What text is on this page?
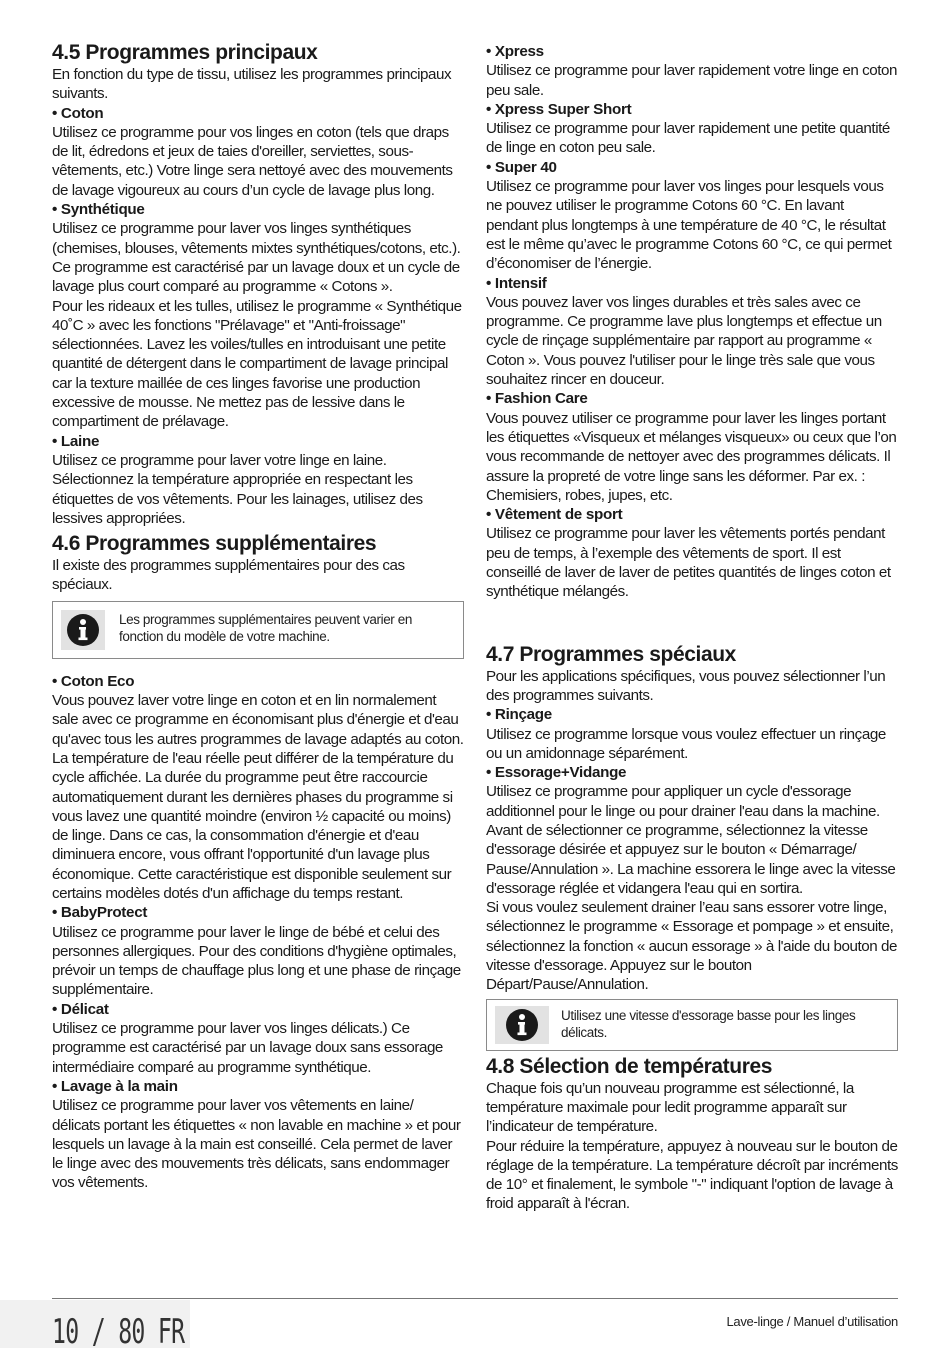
4.5 Programmes principaux

En fonction du type de tissu, utilisez les programmes principaux suivants.

• Coton

Utilisez ce programme pour vos linges en coton (tels que draps de lit, édredons et jeux de taies d'oreiller, serviettes, sous-vêtements, etc.) Votre linge sera nettoyé avec des mouvements de lavage vigoureux au cours d’un cycle de lavage plus long.

• Synthétique

Utilisez ce programme pour laver vos linges synthétiques (chemises, blouses, vêtements mixtes synthétiques/cotons, etc.). Ce programme est caractérisé par un lavage doux et un cycle de lavage plus court comparé au programme « Cotons ».

Pour les rideaux et les tulles, utilisez le programme « Synthétique 40˚C » avec les fonctions "Prélavage" et "Anti-froissage" sélectionnées. Lavez les voiles/tulles en introduisant une petite quantité de détergent dans le compartiment de lavage principal car la texture maillée de ces linges favorise une production excessive de mousse. Ne mettez pas de lessive dans le compartiment de prélavage.

• Laine

Utilisez ce programme pour laver votre linge en laine. Sélectionnez la température appropriée en respectant les étiquettes de vos vêtements. Pour les lainages, utilisez des lessives appropriées.

4.6 Programmes supplémentaires

Il existe des programmes supplémentaires pour des cas spéciaux.

Les programmes supplémentaires peuvent varier en fonction du modèle de votre machine.
• Coton Eco

Vous pouvez laver votre linge en coton et en lin normalement sale avec ce programme en économisant plus d'énergie et d'eau qu'avec tous les autres programmes de lavage adaptés au coton. La température de l'eau réelle peut différer de la température du cycle affichée. La durée du programme peut être raccourcie automatiquement durant les dernières phases du programme si vous lavez une quantité moindre (environ ½ capacité ou moins) de linge. Dans ce cas, la consommation d'énergie et d'eau diminuera encore, vous offrant l'opportunité d'un lavage plus économique. Cette caractéristique est disponible seulement sur certains modèles dotés d'un affichage du temps restant.

• BabyProtect

Utilisez ce programme pour laver le linge de bébé et celui des personnes allergiques. Pour des conditions d'hygiène optimales, prévoir un temps de chauffage plus long et une phase de rinçage supplémentaire.

• Délicat

Utilisez ce programme pour laver vos linges délicats.) Ce programme est caractérisé par un lavage doux sans essorage intermédiaire comparé au programme synthétique.

• Lavage à la main

Utilisez ce programme pour laver vos vêtements en laine/ délicats portant les étiquettes « non lavable en machine » et pour lesquels un lavage à la main est conseillé. Cela permet de laver le linge avec des mouvements très délicats, sans endommager vos vêtements.

• Xpress

Utilisez ce programme pour laver rapidement votre linge en coton peu sale.

• Xpress Super Short

Utilisez ce programme pour laver rapidement une petite quantité de linge en coton peu sale.

• Super 40

Utilisez ce programme pour laver vos linges pour lesquels vous ne pouvez utiliser le programme Cotons 60 °C. En lavant pendant plus longtemps à une température de 40 °C, le résultat est le même qu’avec le programme Cotons 60 °C, ce qui permet d’économiser de l’énergie.

• Intensif

Vous pouvez laver vos linges durables et très sales avec ce programme. Ce programme lave plus longtemps et effectue un cycle de rinçage supplémentaire par rapport au programme « Coton ». Vous pouvez l'utiliser pour le linge très sale que vous souhaitez rincer en douceur.

• Fashion Care

Vous pouvez utiliser ce programme pour laver les linges portant les étiquettes «Visqueux et mélanges visqueux» ou ceux que l’on vous recommande de nettoyer avec des programmes délicats. Il assure la propreté de votre linge sans les déformer. Par ex. : Chemisiers, robes, jupes, etc.

• Vêtement de sport

Utilisez ce programme pour laver les vêtements portés pendant peu de temps, à l’exemple des vêtements de sport. Il est conseillé de laver de laver de petites quantités de linges coton et synthétique mélangés.

4.7 Programmes spéciaux

Pour les applications spécifiques, vous pouvez sélectionner l’un des programmes suivants.

• Rinçage

Utilisez ce programme lorsque vous voulez effectuer un rinçage ou un amidonnage séparément.

• Essorage+Vidange

Utilisez ce programme pour appliquer un cycle d'essorage additionnel pour le linge ou pour drainer l'eau dans la machine.

Avant de sélectionner ce programme, sélectionnez la vitesse d'essorage désirée et appuyez sur le bouton « Démarrage/ Pause/Annulation ». La machine essorera le linge avec la vitesse d'essorage réglée et vidangera l'eau qui en sortira.

Si vous voulez seulement drainer l’eau sans essorer votre linge, sélectionnez le programme « Essorage et pompage » et ensuite, sélectionnez la fonction « aucun essorage » à l'aide du bouton de vitesse d'essorage. Appuyez sur le bouton Départ/Pause/Annulation.

Utilisez une vitesse d'essorage basse pour les linges délicats.
4.8 Sélection de températures

Chaque fois qu’un nouveau programme est sélectionné, la température maximale pour ledit programme apparaît sur l’indicateur de température.

Pour réduire la température, appuyez à nouveau sur le bouton de réglage de la température. La température décroît par incréments de 10° et finalement, le symbole "-" indiquant l'option de lavage à froid apparaît à l'écran.

10 / 80 FR	Lave-linge / Manuel d’utilisation
